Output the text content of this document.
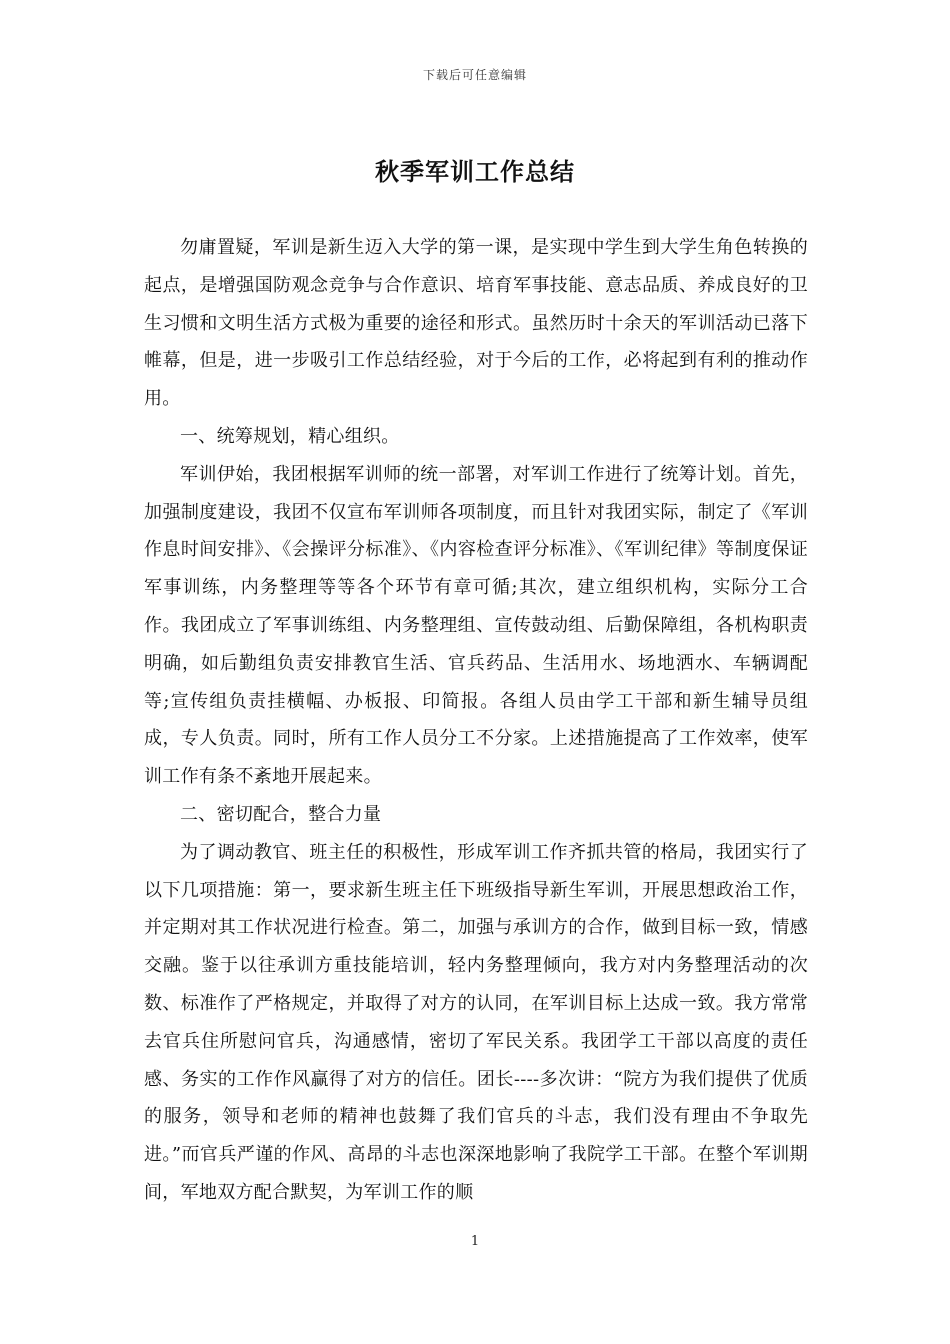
下载后可任意编辑
秋季军训工作总结

勿庸置疑，军训是新生迈入大学的第一课，是实现中学生到大学生角色转换的起点，是增强国防观念竞争与合作意识、培育军事技能、意志品质、养成良好的卫生习惯和文明生活方式极为重要的途径和形式。虽然历时十余天的军训活动已落下帷幕，但是，进一步吸引工作总结经验，对于今后的工作，必将起到有利的推动作用。

一、统筹规划，精心组织。

军训伊始，我团根据军训师的统一部署，对军训工作进行了统筹计划。首先，加强制度建设，我团不仅宣布军训师各项制度，而且针对我团实际，制定了《军训作息时间安排》、《会操评分标准》、《内容检查评分标准》、《军训纪律》等制度保证军事训练，内务整理等等各个环节有章可循;其次，建立组织机构，实际分工合作。我团成立了军事训练组、内务整理组、宣传鼓动组、后勤保障组，各机构职责明确，如后勤组负责安排教官生活、官兵药品、生活用水、场地洒水、车辆调配等;宣传组负责挂横幅、办板报、印简报。各组人员由学工干部和新生辅导员组成，专人负责。同时，所有工作人员分工不分家。上述措施提高了工作效率，使军训工作有条不紊地开展起来。

二、密切配合，整合力量

为了调动教官、班主任的积极性，形成军训工作齐抓共管的格局，我团实行了以下几项措施：第一，要求新生班主任下班级指导新生军训，开展思想政治工作，并定期对其工作状况进行检查。第二，加强与承训方的合作，做到目标一致，情感交融。鉴于以往承训方重技能培训，轻内务整理倾向，我方对内务整理活动的次数、标准作了严格规定，并取得了对方的认同，在军训目标上达成一致。我方常常去官兵住所慰问官兵，沟通感情，密切了军民关系。我团学工干部以高度的责任感、务实的工作作风赢得了对方的信任。团长----多次讲：“院方为我们提供了优质的服务，领导和老师的精神也鼓舞了我们官兵的斗志，我们没有理由不争取先进。”而官兵严谨的作风、高昂的斗志也深深地影响了我院学工干部。在整个军训期间，军地双方配合默契，为军训工作的顺

1
